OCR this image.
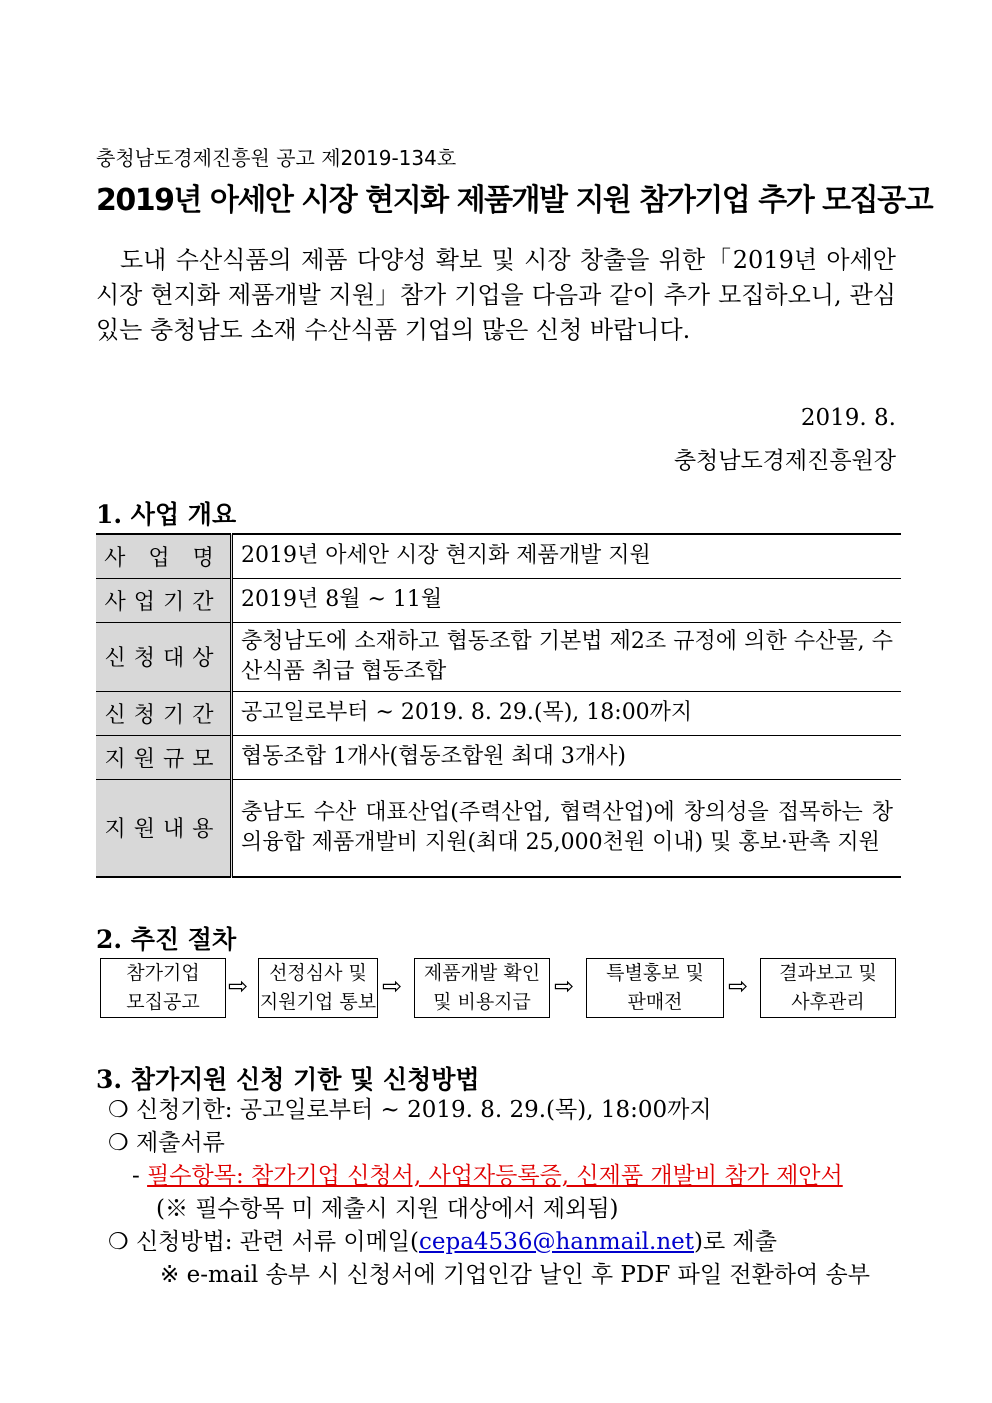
충청남도경제진흥원 공고 제2019-134호
2019년 아세안 시장 현지화 제품개발 지원 참가기업 추가 모집공고
도내 수산식품의 제품 다양성 확보 및 시장 창출을 위한「2019년 아세안 시장 현지화 제품개발 지원」참가 기업을 다음과 같이 추가 모집하오니, 관심있는 충청남도 소재 수산식품 기업의 많은 신청 바랍니다.
2019. 8.
충청남도경제진흥원장
1. 사업 개요
사 업 명	2019년 아세안 시장 현지화 제품개발 지원
사업기간	2019년 8월 ~ 11월
신청대상	충청남도에 소재하고 협동조합 기본법 제2조 규정에 의한 수산물, 수산식품 취급 협동조합
신청기간	공고일로부터 ~ 2019. 8. 29.(목), 18:00까지
지원규모	협동조합 1개사(협동조합원 최대 3개사)
지원내용	충남도 수산 대표산업(주력산업, 협력산업)에 창의성을 접목하는 창의융합 제품개발비 지원(최대 25,000천원 이내) 및 홍보·판촉 지원
2. 추진 절차
참가기업
모집공고
⇨	선정심사 및
지원기업 통보
⇨ 제품개발 확인
및 비용지급
⇨ 특별홍보 및
판매전
⇨ 결과보고 및
사후관리
3. 참가지원 신청 기한 및 신청방법
❍ 신청기한: 공고일로부터 ~ 2019. 8. 29.(목), 18:00까지
❍ 제출서류
- 필수항목: 참가기업 신청서, 사업자등록증, 신제품 개발비 참가 제안서
(※ 필수항목 미 제출시 지원 대상에서 제외됨)
❍ 신청방법: 관련 서류 이메일(cepa4536@hanmail.net)로 제출
※ e-mail 송부 시 신청서에 기업인감 날인 후 PDF 파일 전환하여 송부
